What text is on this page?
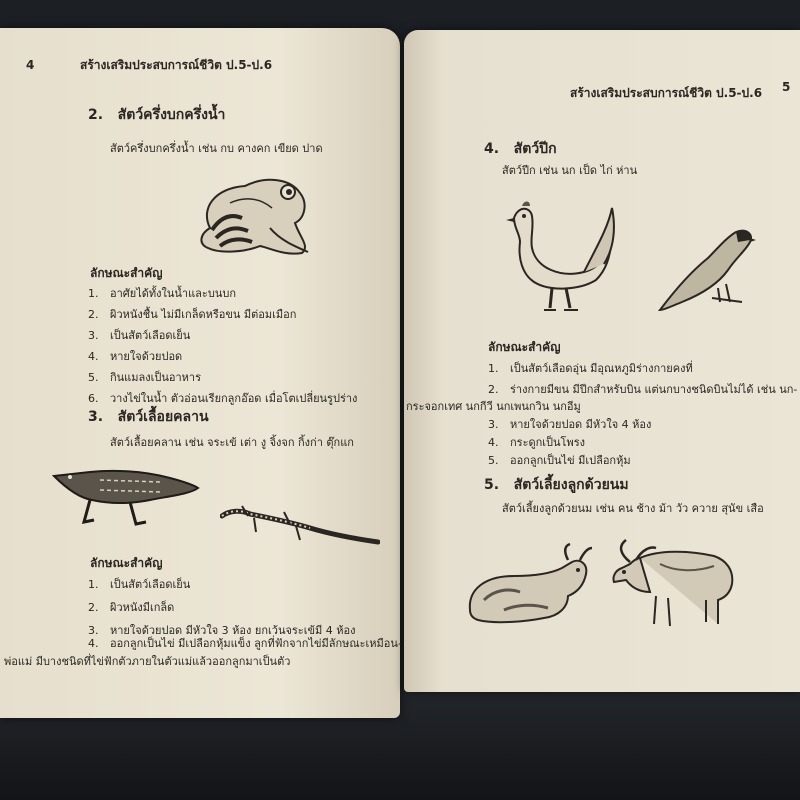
4	สร้างเสริมประสบการณ์ชีวิต ป.5-ป.6
2. สัตว์ครึ่งบกครึ่งน้ำ
สัตว์ครึ่งบกครึ่งน้ำ เช่น กบ คางคก เขียด ปาด
ลักษณะสำคัญ
1. อาศัยได้ทั้งในน้ำและบนบก
2. ผิวหนังชื้น ไม่มีเกล็ดหรือขน มีต่อมเมือก
3. เป็นสัตว์เลือดเย็น
4. หายใจด้วยปอด
5. กินแมลงเป็นอาหาร
6. วางไข่ในน้ำ ตัวอ่อนเรียกลูกอ๊อด เมื่อโตเปลี่ยนรูปร่าง
3. สัตว์เลื้อยคลาน
สัตว์เลื้อยคลาน เช่น จระเข้ เต่า งู จิ้งจก กิ้งก่า ตุ๊กแก
ลักษณะสำคัญ
1. เป็นสัตว์เลือดเย็น
2. ผิวหนังมีเกล็ด
3. หายใจด้วยปอด มีหัวใจ 3 ห้อง ยกเว้นจระเข้มี 4 ห้อง
4. ออกลูกเป็นไข่ มีเปลือกหุ้มแข็ง ลูกที่ฟักจากไข่มีลักษณะเหมือน-
พ่อแม่ มีบางชนิดที่ไข่ฟักตัวภายในตัวแม่แล้วออกลูกมาเป็นตัว
สร้างเสริมประสบการณ์ชีวิต ป.5-ป.6 5
4. สัตว์ปีก
สัตว์ปีก เช่น นก เป็ด ไก่ ห่าน
ลักษณะสำคัญ
1. เป็นสัตว์เลือดอุ่น มีอุณหภูมิร่างกายคงที่
2. ร่างกายมีขน มีปีกสำหรับบิน แต่นกบางชนิดบินไม่ได้ เช่น นก-
กระจอกเทศ นกกีวี นกเพนกวิน นกอีมู
3. หายใจด้วยปอด มีหัวใจ 4 ห้อง
4. กระดูกเป็นโพรง
5. ออกลูกเป็นไข่ มีเปลือกหุ้ม
5. สัตว์เลี้ยงลูกด้วยนม
สัตว์เลี้ยงลูกด้วยนม เช่น คน ช้าง ม้า วัว ควาย สุนัข เสือ
